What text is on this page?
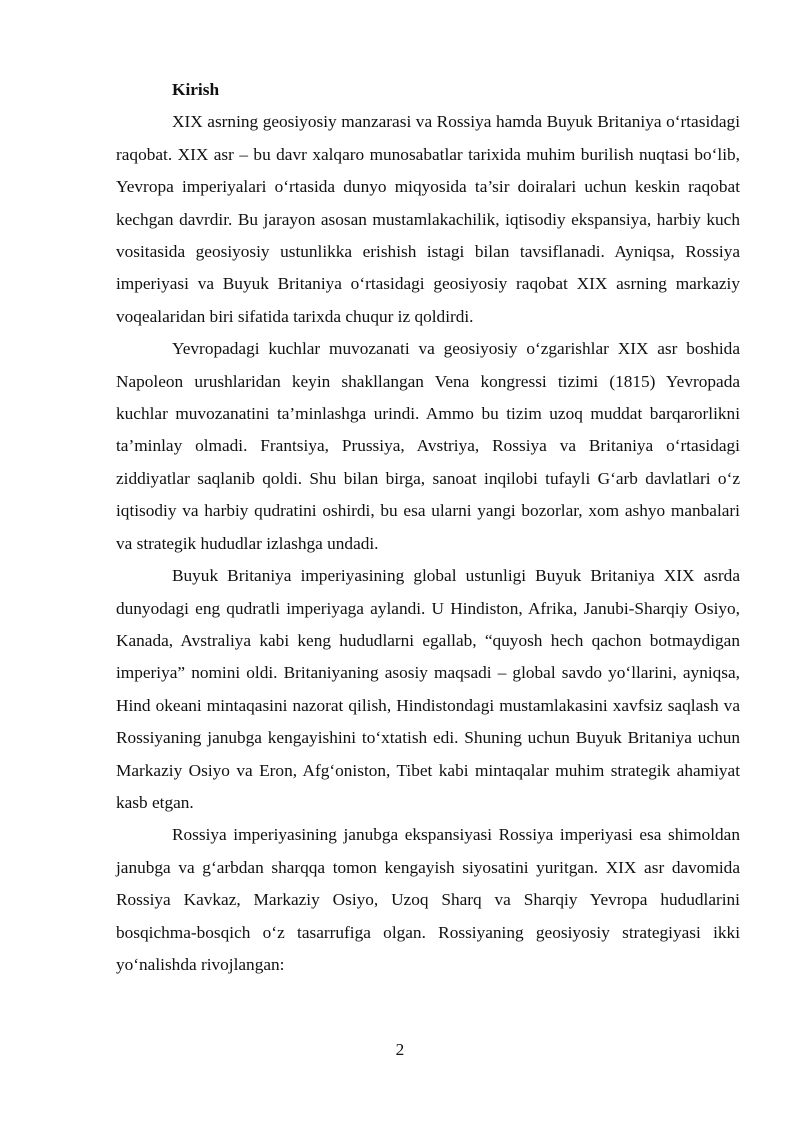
Kirish

XIX asrning geosiyosiy manzarasi va Rossiya hamda Buyuk Britaniya o‘rtasidagi raqobat. XIX asr – bu davr xalqaro munosabatlar tarixida muhim burilish nuqtasi bo‘lib, Yevropa imperiyalari o‘rtasida dunyo miqyosida ta’sir doiralari uchun keskin raqobat kechgan davrdir. Bu jarayon asosan mustamlakachilik, iqtisodiy ekspansiya, harbiy kuch vositasida geosiyosiy ustunlikka erishish istagi bilan tavsiflanadi. Ayniqsa, Rossiya imperiyasi va Buyuk Britaniya o‘rtasidagi geosiyosiy raqobat XIX asrning markaziy voqealaridan biri sifatida tarixda chuqur iz qoldirdi.

Yevropadagi kuchlar muvozanati va geosiyosiy o‘zgarishlar XIX asr boshida Napoleon urushlaridan keyin shakllangan Vena kongressi tizimi (1815) Yevropada kuchlar muvozanatini ta’minlashga urindi. Ammo bu tizim uzoq muddat barqarorlikni ta’minlay olmadi. Frantsiya, Prussiya, Avstriya, Rossiya va Britaniya o‘rtasidagi ziddiyatlar saqlanib qoldi. Shu bilan birga, sanoat inqilobi tufayli G‘arb davlatlari o‘z iqtisodiy va harbiy qudratini oshirdi, bu esa ularni yangi bozorlar, xom ashyo manbalari va strategik hududlar izlashga undadi.

Buyuk Britaniya imperiyasining global ustunligi Buyuk Britaniya XIX asrda dunyodagi eng qudratli imperiyaga aylandi. U Hindiston, Afrika, Janubi-Sharqiy Osiyo, Kanada, Avstraliya kabi keng hududlarni egallab, “quyosh hech qachon botmaydigan imperiya” nomini oldi. Britaniyaning asosiy maqsadi – global savdo yo‘llarini, ayniqsa, Hind okeani mintaqasini nazorat qilish, Hindistondagi mustamlakasini xavfsiz saqlash va Rossiyaning janubga kengayishini to‘xtatish edi. Shuning uchun Buyuk Britaniya uchun Markaziy Osiyo va Eron, Afg‘oniston, Tibet kabi mintaqalar muhim strategik ahamiyat kasb etgan.

Rossiya imperiyasining janubga ekspansiyasi Rossiya imperiyasi esa shimoldan janubga va g‘arbdan sharqqa tomon kengayish siyosatini yuritgan. XIX asr davomida Rossiya Kavkaz, Markaziy Osiyo, Uzoq Sharq va Sharqiy Yevropa hududlarini bosqichma-bosqich o‘z tasarrufiga olgan. Rossiyaning geosiyosiy strategiyasi ikki yo‘nalishda rivojlangan:

2
